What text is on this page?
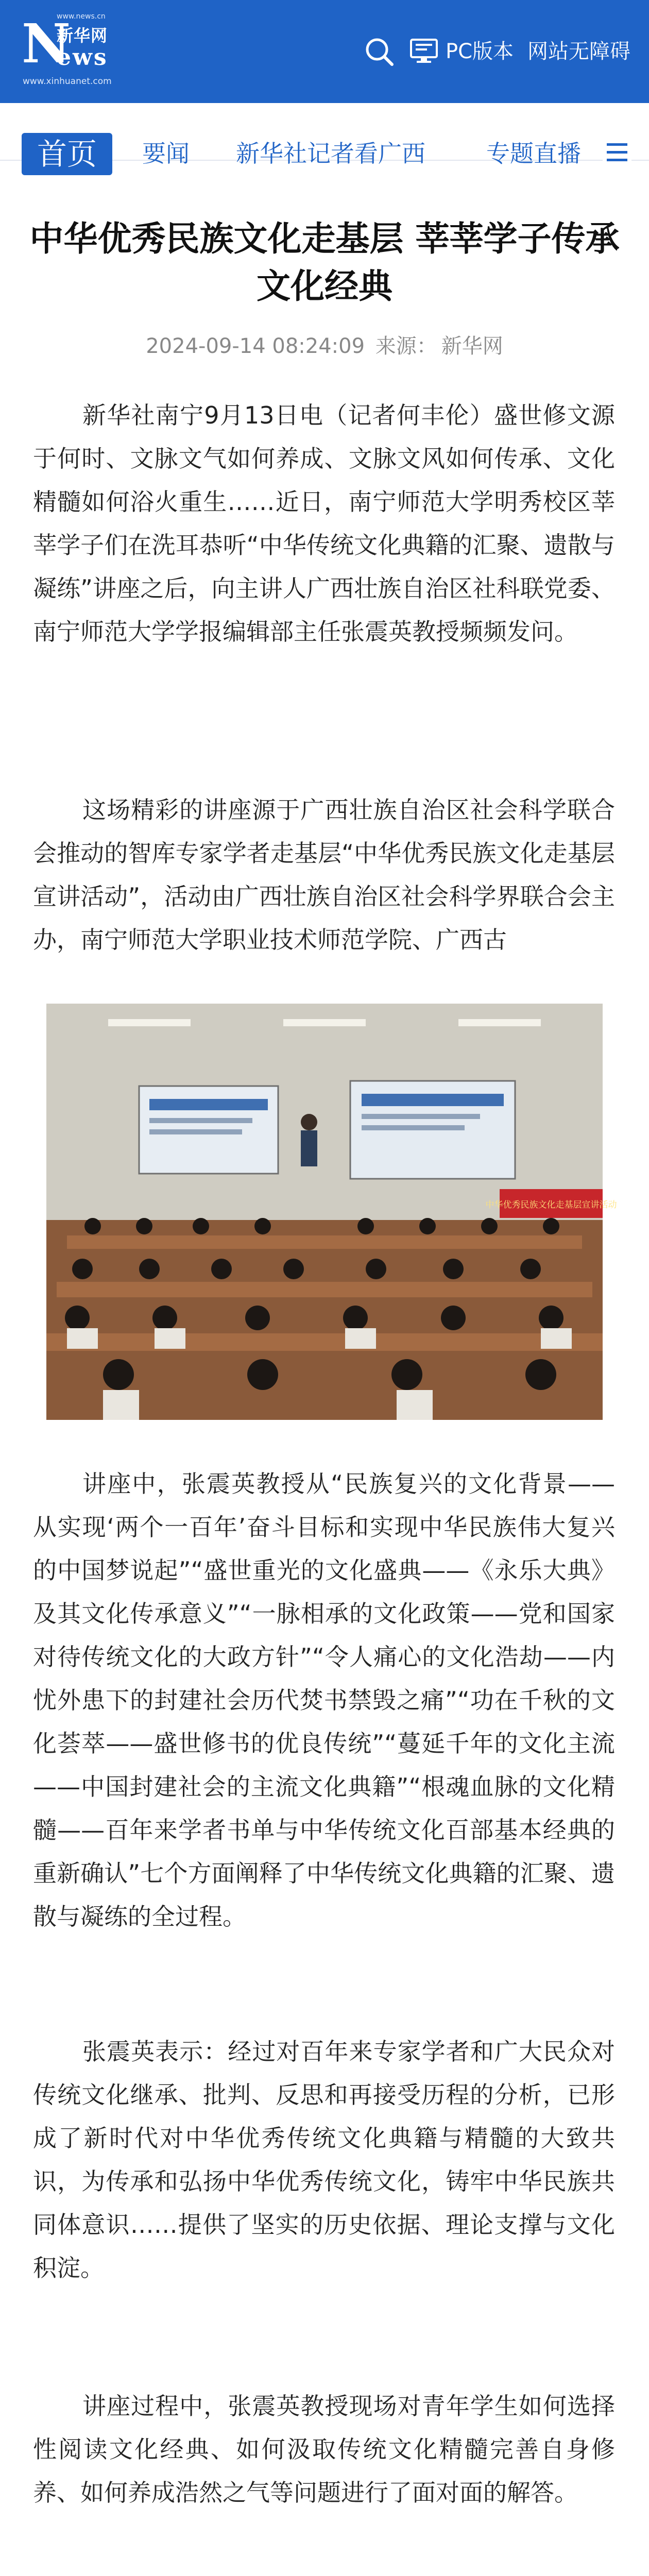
www.news.cn
N
新华网
ews
www.xinhuanet.com
PC版本 网站无障碍
首页	要闻 新华社记者看广西	专题直播
中华优秀民族文化走基层 莘莘学子传承文化经典
2024-09-14 08:24:09 来源： 新华网

新华社南宁9月13日电（记者何丰伦）盛世修文源于何时、文脉文气如何养成、文脉文风如何传承、文化精髓如何浴火重生……近日，南宁师范大学明秀校区莘莘学子们在洗耳恭听“中华传统文化典籍的汇聚、遗散与凝练”讲座之后，向主讲人广西壮族自治区社科联党委、南宁师范大学学报编辑部主任张震英教授频频发问。

这场精彩的讲座源于广西壮族自治区社会科学联合会推动的智库专家学者走基层“中华优秀民族文化走基层宣讲活动”，活动由广西壮族自治区社会科学界联合会主办，南宁师范大学职业技术师范学院、广西古

中华优秀民族文化走基层宣讲活动

讲座中，张震英教授从“民族复兴的文化背景——从实现‘两个一百年’奋斗目标和实现中华民族伟大复兴的中国梦说起”“盛世重光的文化盛典——《永乐大典》及其文化传承意义”“一脉相承的文化政策——党和国家对待传统文化的大政方针”“令人痛心的文化浩劫——内忧外患下的封建社会历代焚书禁毁之痛”“功在千秋的文化荟萃——盛世修书的优良传统”“蔓延千年的文化主流——中国封建社会的主流文化典籍”“根魂血脉的文化精髓——百年来学者书单与中华传统文化百部基本经典的重新确认”七个方面阐释了中华传统文化典籍的汇聚、遗散与凝练的全过程。

张震英表示：经过对百年来专家学者和广大民众对传统文化继承、批判、反思和再接受历程的分析，已形成了新时代对中华优秀传统文化典籍与精髓的大致共识，为传承和弘扬中华优秀传统文化，铸牢中华民族共同体意识……提供了坚实的历史依据、理论支撑与文化积淀。

讲座过程中，张震英教授现场对青年学生如何选择性阅读文化经典、如何汲取传统文化精髓完善自身修养、如何养成浩然之气等问题进行了面对面的解答。
